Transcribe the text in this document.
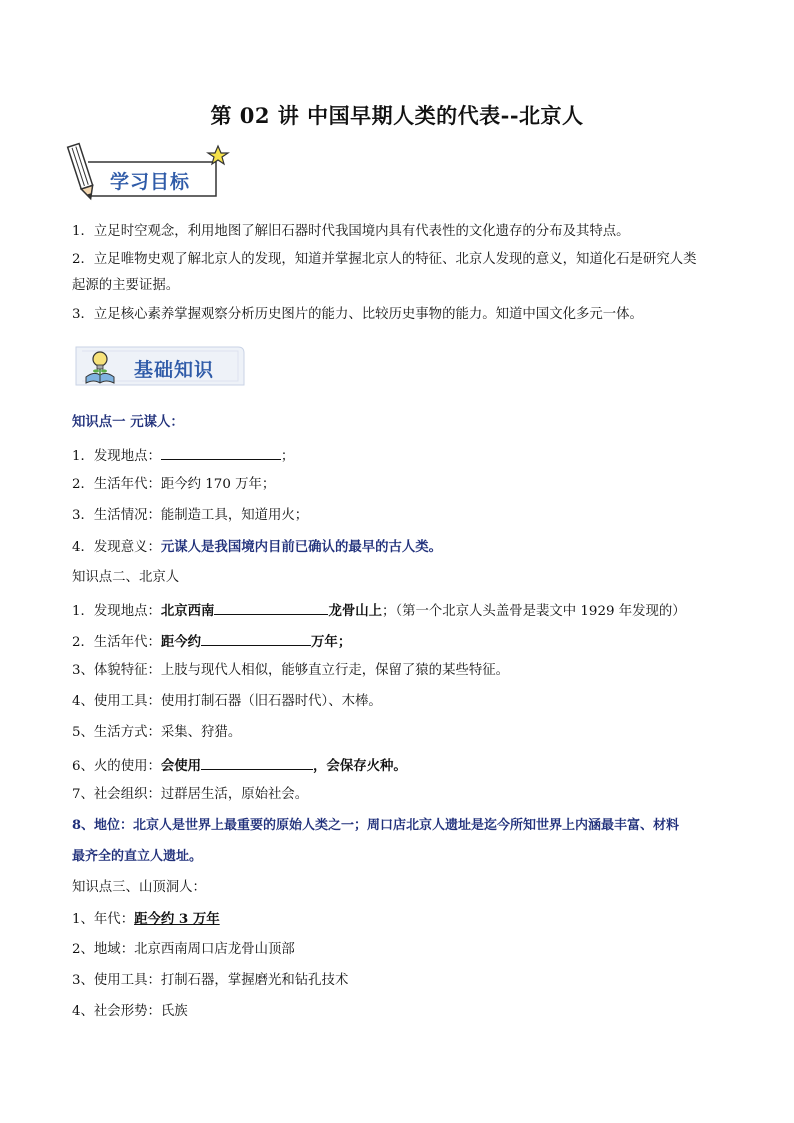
第 02 讲 中国早期人类的代表--北京人
学习目标
1．立足时空观念，利用地图了解旧石器时代我国境内具有代表性的文化遗存的分布及其特点。
2．立足唯物史观了解北京人的发现，知道并掌握北京人的特征、北京人发现的意义，知道化石是研究人类
起源的主要证据。
3．立足核心素养掌握观察分析历史图片的能力、比较历史事物的能力。知道中国文化多元一体。
基础知识
知识点一 元谋人：
1．发现地点：	；
2．生活年代：距今约 170 万年；
3．生活情况：能制造工具，知道用火；
4．发现意义：元谋人是我国境内目前已确认的最早的古人类。
知识点二、北京人
1．发现地点：北京西南	龙骨山上；（第一个北京人头盖骨是裴文中 1929 年发现的）
2．生活年代：距今约	万年；
3、体貌特征：上肢与现代人相似，能够直立行走，保留了猿的某些特征。
4、使用工具：使用打制石器（旧石器时代）、木棒。
5、生活方式：采集、狩猎。
6、火的使用：会使用	，会保存火种。
7、社会组织：过群居生活，原始社会。
8、地位：北京人是世界上最重要的原始人类之一；周口店北京人遗址是迄今所知世界上内涵最丰富、材料
最齐全的直立人遗址。
知识点三、山顶洞人：
1、年代：距今约 3 万年
2、地域：北京西南周口店龙骨山顶部
3、使用工具：打制石器，掌握磨光和钻孔技术
4、社会形势：氏族
